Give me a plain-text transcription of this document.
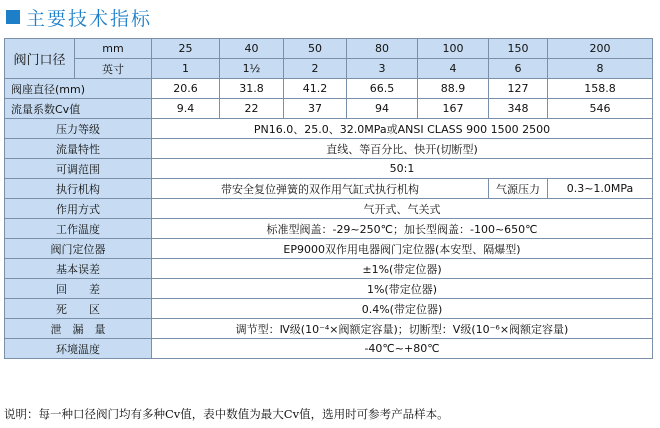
主要技术指标
阀门口径	mm	25	40	50	80	100	150	200
	英寸	1	1½	2	3	4	6	8
阀座直径(mm)		20.6	31.8	41.2	66.5	88.9	127	158.8
流量系数Cv值		9.4	22	37	94	167	348	546
压力等级		PN16.0、25.0、32.0MPa或ANSI CLASS 900 1500 2500						
流量特性		直线、等百分比、快开(切断型)						
可调范围		50:1						
执行机构		带安全复位弹簧的双作用气缸式执行机构					气源压力	0.3~1.0MPa
作用方式		气开式、气关式						
工作温度		标准型阀盖：-29~250℃；加长型阀盖：-100~650℃						
阀门定位器		EP9000双作用电器阀门定位器(本安型、隔爆型)						
基本误差		±1%(带定位器)						
回　　差		1%(带定位器)						
死　　区		0.4%(带定位器)						
泄　漏　量		调节型：Ⅳ级(10⁻⁴×阀额定容量)；切断型：Ⅴ级(10⁻⁶×阀额定容量)						
环境温度		-40℃~+80℃						
说明：每一种口径阀门均有多种Cv值，表中数值为最大Cv值，选用时可参考产品样本。
